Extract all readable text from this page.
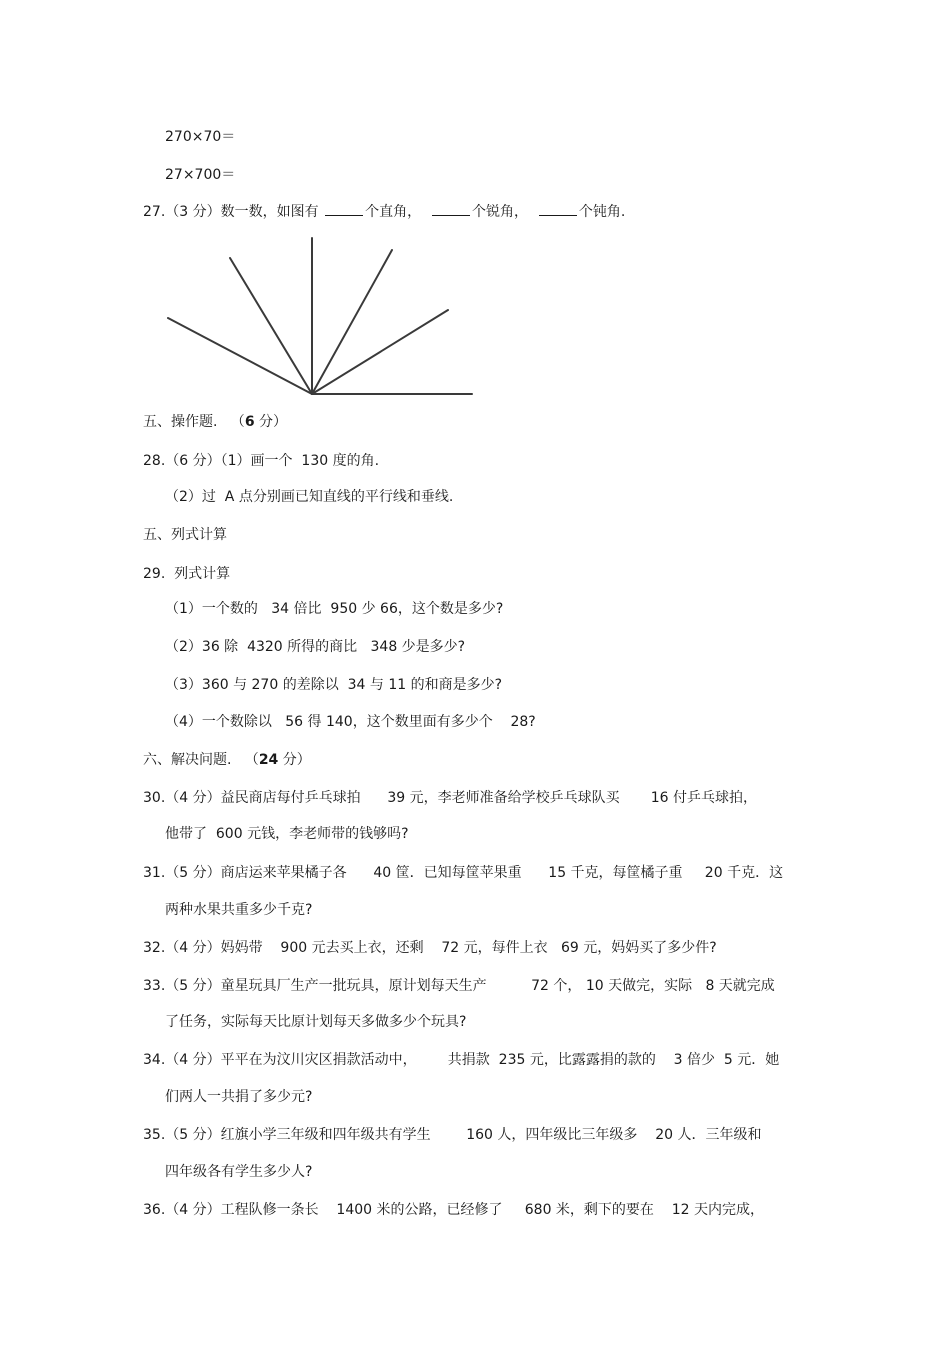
270×70＝
27×700＝
27.（3 分）数一数，如图有	个直角，	个锐角，	个钝角.
五、操作题.   （6 分）
28.（6 分）（1）画一个  130 度的角.
（2）过  A 点分别画已知直线的平行线和垂线.
五、列式计算
29.  列式计算
（1）一个数的   34 倍比  950 少 66，这个数是多少?
（2）36 除  4320 所得的商比   348 少是多少?
（3）360 与 270 的差除以  34 与 11 的和商是多少?
（4）一个数除以   56 得 140，这个数里面有多少个    28?
六、解决问题.   （24 分）
30.（4 分）益民商店每付乒乓球拍      39 元，李老师准备给学校乒乓球队买       16 付乒乓球拍，
他带了  600 元钱，李老师带的钱够吗?
31.（5 分）商店运来苹果橘子各      40 筐．已知每筐苹果重      15 千克，每筐橘子重     20 千克．这
两种水果共重多少千克?
32.（4 分）妈妈带    900 元去买上衣，还剩    72 元，每件上衣   69 元，妈妈买了多少件?
33.（5 分）童星玩具厂生产一批玩具，原计划每天生产          72 个， 10 天做完，实际   8 天就完成
了任务，实际每天比原计划每天多做多少个玩具?
34.（4 分）平平在为汶川灾区捐款活动中，       共捐款  235 元，比露露捐的款的    3 倍少  5 元．她
们两人一共捐了多少元?
35.（5 分）红旗小学三年级和四年级共有学生        160 人，四年级比三年级多    20 人．三年级和
四年级各有学生多少人?
36.（4 分）工程队修一条长    1400 米的公路，已经修了     680 米，剩下的要在    12 天内完成，
